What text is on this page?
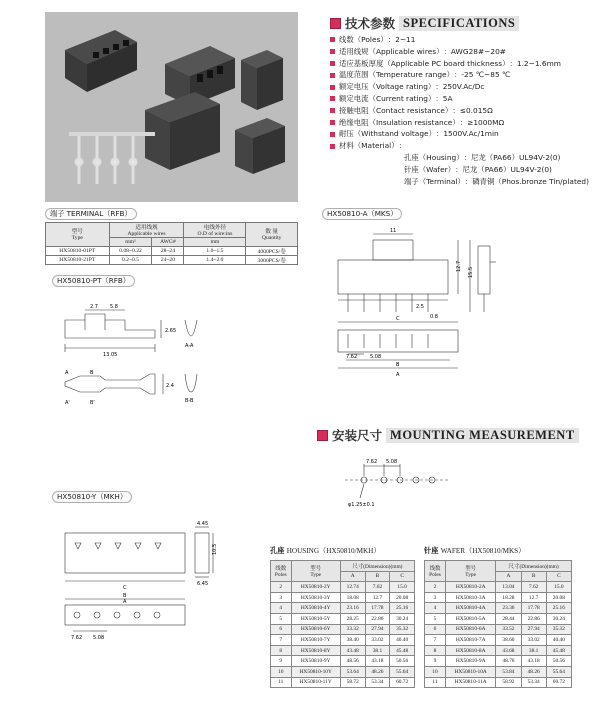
技术参数 SPECIFICATIONS
线数（Poles） ：2~11
适用线规（Applicable wires） ：AWG28#~20#
适应基板厚度（Applicable PC board thickness） ：1.2~1.6mm
温度范围（Temperature range） ：-25 ℃~85 ℃
额定电压（Voltage rating） ：250V.Ac/Dc
额定电流（Current rating） ：5A
接触电阻（Contact resistance） ：≤0.015Ω
绝缘电阻（Insulation resistance） ：≥1000MΩ
耐压（Withstand voltage） ：1500V.Ac/1min
材料（Material） ：
孔座（Housing） ：尼龙（PA66）UL94V-2(0)
针座（Wafer） ：尼龙（PA66）UL94V-2(0)
端子（Terminal） ：磷青铜（Phos.bronze Tin/plated)
端子 TERMINAL（RFB）
型号
Type	适用线规
Applicable wires		电线外径
O.D of wire:ins	数 量
Quantity
	mm²	AWG#	mm	
HX50810-01PT	0.08~0.22	28~24	1.0~1.5	4000PCS/卷
HX50810-21PT	0.2~0.5	24~20	1.4~2.0	3000PCS/卷
HX50810-PT（RFB）
2.7 5.8
2.65
13.05
2.4
A-A
B-B
A
A'
B
B'
HX50810-A（MKS）
11
12.7
15.5
2.5
0.8
7.62	5.08
C
B
A
安装尺寸 MOUNTING MEASUREMENT
7.62 5.08
φ1.25±0.1
HX50810-Y（MKH）
4.45
10.5
6.45
C
B
A
7.62 5.08
孔座 HOUSING（HX50810/MKH）
线数
Poles	型号
Type	尺寸(Dimension)(mm)		
		A	B	C
2	HX50810-2Y	12.74	7.62	15.0
3	HX50810-3Y	18.08	12.7	20.08
4	HX50810-4Y	23.16	17.78	25.16
5	HX50810-5Y	28.25	22.86	30.24
6	HX50810-6Y	33.32	27.94	35.32
7	HX50810-7Y	38.40	33.02	40.40
8	HX50810-8Y	43.48	38.1	45.48
9	HX50810-9Y	48.56	43.18	50.56
10	HX50810-10Y	53.64	48.26	55.64
11	HX50810-11Y	58.72	53.34	60.72
针座 WAFER（HX50810/MKS）
线数
Poles	型号
Type	尺寸(Dimension)(mm)		
		A	B	C
2	HX50810-2A	13.04	7.62	15.0
3	HX50810-3A	18.28	12.7	20.08
4	HX50810-4A	23.36	17.78	25.16
5	HX50810-5A	28.44	22.86	30.24
6	HX50810-6A	33.52	27.94	35.32
7	HX50810-7A	38.60	33.02	40.40
8	HX50810-8A	43.68	38.1	45.48
9	HX50810-9A	48.76	43.18	50.56
10	HX50810-10A	53.84	48.26	55.64
11	HX50810-11A	58.92	53.34	60.72
